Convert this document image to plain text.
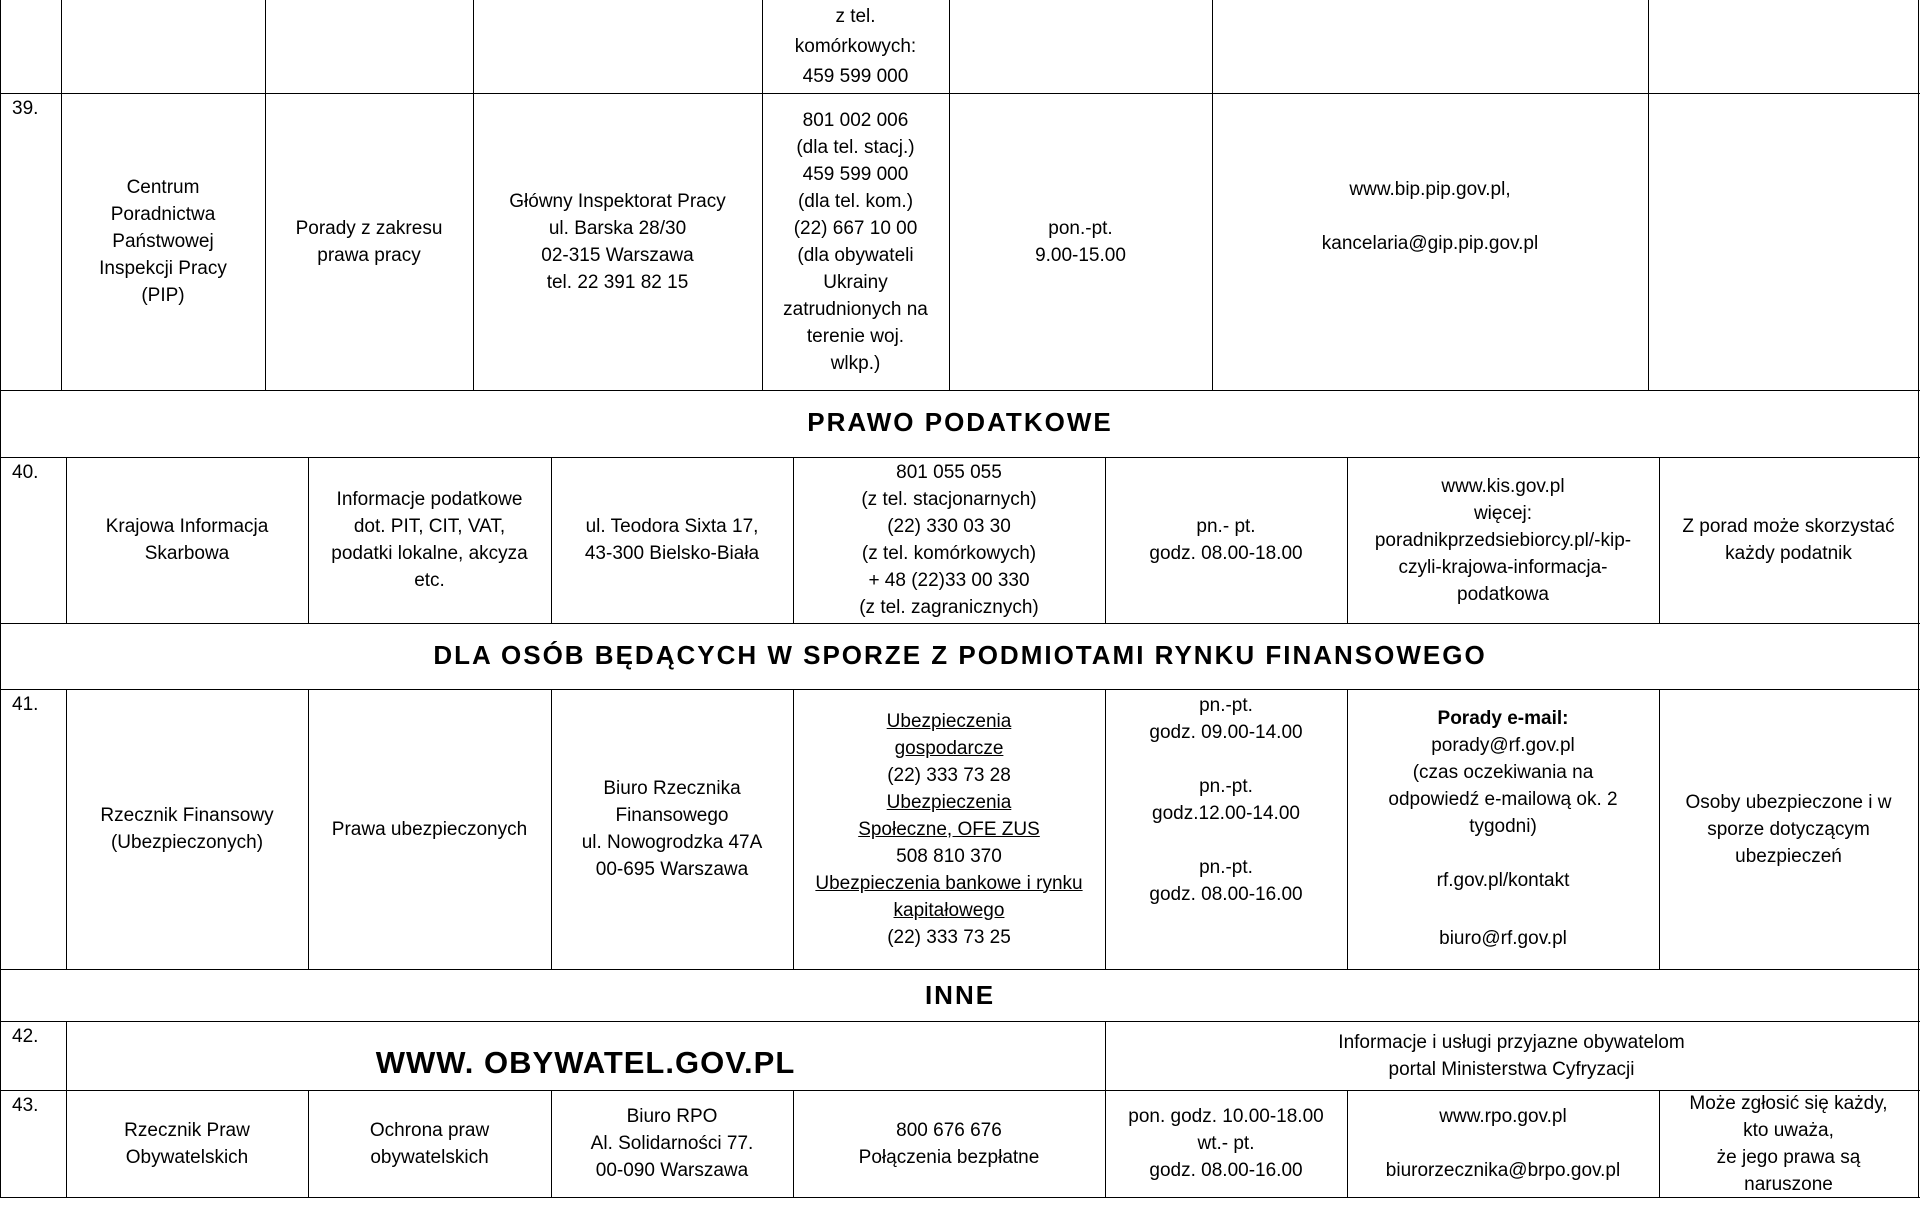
z tel.
komórkowych:
459 599 000
39.
Centrum
Poradnictwa
Państwowej
Inspekcji Pracy
(PIP)
Porady z zakresu
prawa pracy
Główny Inspektorat Pracy
ul. Barska 28/30
02-315 Warszawa
tel. 22 391 82 15
801 002 006
(dla tel. stacj.)
459 599 000
(dla tel. kom.)
(22) 667 10 00
(dla obywateli
Ukrainy
zatrudnionych na
terenie woj.
wlkp.)
pon.-pt.
9.00-15.00
www.bip.pip.gov.pl,
kancelaria@gip.pip.gov.pl
PRAWO PODATKOWE
40.
Krajowa Informacja
Skarbowa
Informacje podatkowe
dot. PIT, CIT, VAT,
podatki lokalne, akcyza
etc.
ul. Teodora Sixta 17,
43-300 Bielsko-Biała
801 055 055
(z tel. stacjonarnych)
(22) 330 03 30
(z tel. komórkowych)
+ 48 (22)33 00 330
(z tel. zagranicznych)
pn.- pt.
godz. 08.00-18.00
www.kis.gov.pl
więcej:
poradnikprzedsiebiorcy.pl/-kip-
czyli-krajowa-informacja-
podatkowa
Z porad może skorzystać
każdy podatnik
DLA OSÓB BĘDĄCYCH W SPORZE Z PODMIOTAMI RYNKU FINANSOWEGO
41.
Rzecznik Finansowy
(Ubezpieczonych)
Prawa ubezpieczonych
Biuro Rzecznika
Finansowego
ul. Nowogrodzka 47A
00-695 Warszawa
Ubezpieczenia
gospodarcze
(22) 333 73 28
Ubezpieczenia
Społeczne, OFE ZUS
508 810 370
Ubezpieczenia bankowe i rynku
kapitałowego
(22) 333 73 25
pn.-pt.
godz. 09.00-14.00
pn.-pt.
godz.12.00-14.00
pn.-pt.
godz. 08.00-16.00
Porady e-mail:
porady@rf.gov.pl
(czas oczekiwania na
odpowiedź e-mailową ok. 2
tygodni)
rf.gov.pl/kontakt
biuro@rf.gov.pl
Osoby ubezpieczone i w
sporze dotyczącym
ubezpieczeń
INNE
42.
WWW. OBYWATEL.GOV.PL
Informacje i usługi przyjazne obywatelom
portal Ministerstwa Cyfryzacji
43.
Rzecznik Praw
Obywatelskich
Ochrona praw
obywatelskich
Biuro RPO
Al. Solidarności 77.
00-090 Warszawa
800 676 676
Połączenia bezpłatne
pon. godz. 10.00-18.00
wt.- pt.
godz. 08.00-16.00
www.rpo.gov.pl
biurorzecznika@brpo.gov.pl
Może zgłosić się każdy,
kto uważa,
że jego prawa są
naruszone
